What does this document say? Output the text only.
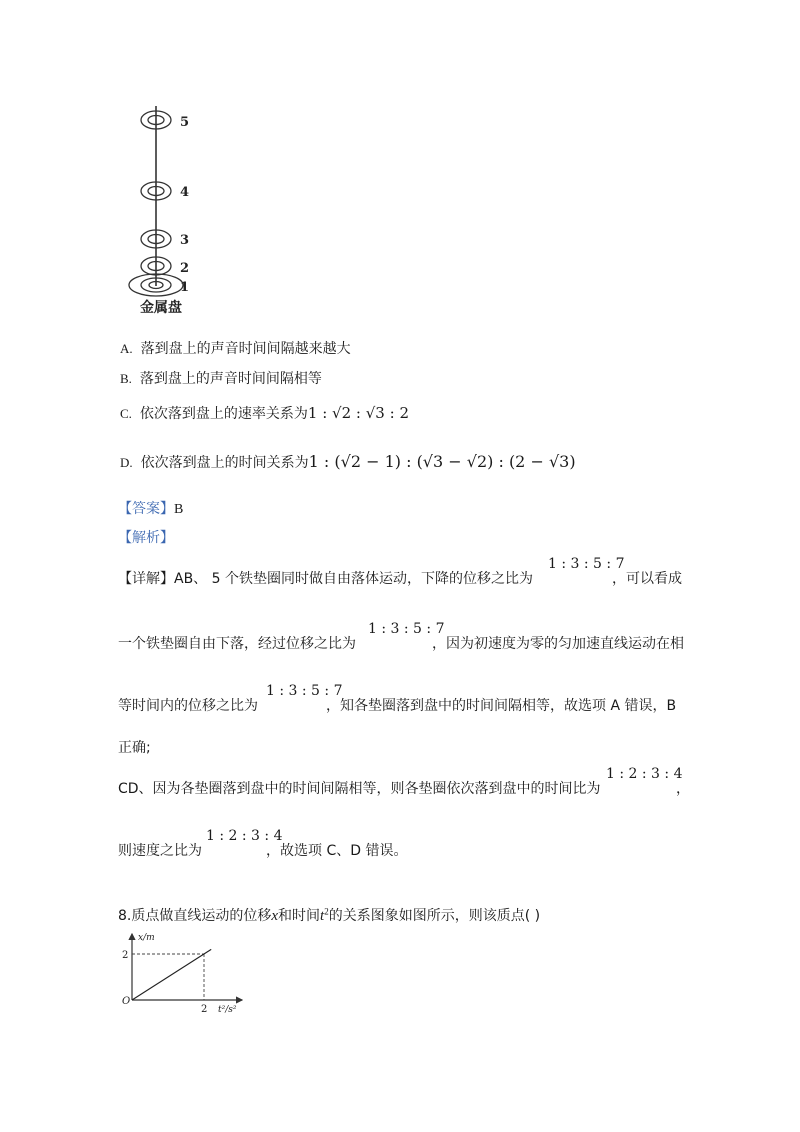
5
4
3
2
1
金属盘
A. 落到盘上的声音时间间隔越来越大
B. 落到盘上的声音时间间隔相等
C. 依次落到盘上的速率关系为1 : √2 : √3 : 2
D. 依次落到盘上的时间关系为1 : (√2 − 1) : (√3 − √2) : (2 − √3)
【答案】B
【解析】
【详解】AB、 5 个铁垫圈同时做自由落体运动，下降的位移之比为
1 : 3 : 5 : 7
，可以看成
一个铁垫圈自由下落，经过位移之比为
1 : 3 : 5 : 7
，因为初速度为零的匀加速直线运动在相
等时间内的位移之比为
1 : 3 : 5 : 7
，知各垫圈落到盘中的时间间隔相等，故选项 A 错误，B
正确;
CD、因为各垫圈落到盘中的时间间隔相等，则各垫圈依次落到盘中的时间比为
1 : 2 : 3 : 4
，
则速度之比为
1 : 2 : 3 : 4
，故选项 C、D 错误。
8.质点做直线运动的位移x和时间$t^2$的关系图象如图所示，则该质点( )
x/m
t²/s²
O
2
2
